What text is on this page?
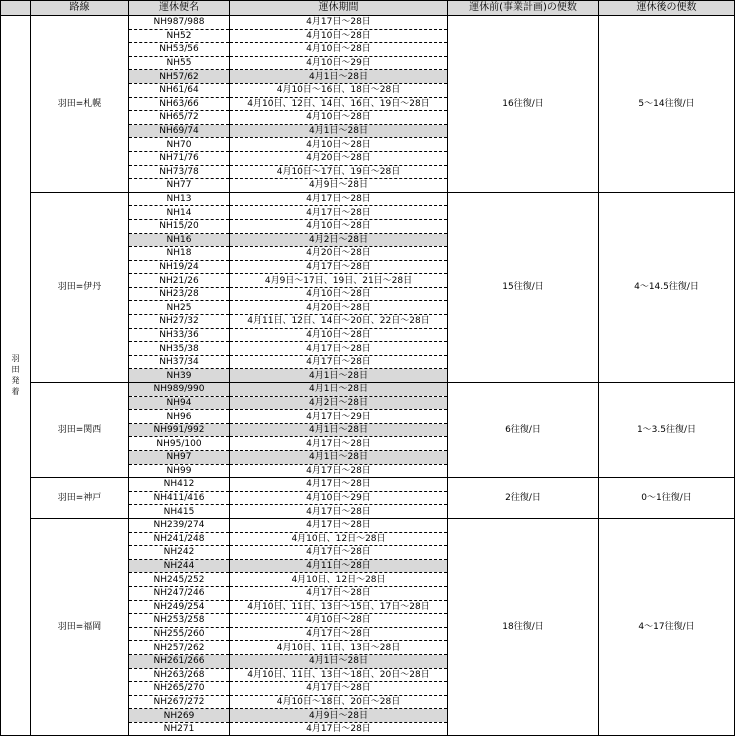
	路線	運休便名	運休期間	運休前(事業計画)の便数	運休後の便数
羽田発着	羽田=札幌	NH987/988	4月17日～28日	16往復/日	5～14往復/日
		NH52	4月10日～28日		
		NH53/56	4月10日～28日		
		NH55	4月10日～29日		
		NH57/62	4月1日～28日		
		NH61/64	4月10日～16日、18日～28日		
		NH63/66	4月10日、12日、14日、16日、19日～28日		
		NH65/72	4月10日～28日		
		NH69/74	4月1日～28日		
		NH70	4月10日～28日		
		NH71/76	4月20日～28日		
		NH73/78	4月10日～17日、19日～28日		
		NH77	4月9日～28日		
	羽田=伊丹	NH13	4月17日～28日	15往復/日	4～14.5往復/日
		NH14	4月17日～28日		
		NH15/20	4月10日～28日		
		NH16	4月2日～28日		
		NH18	4月20日～28日		
		NH19/24	4月17日～28日		
		NH21/26	4月9日～17日、19日、21日～28日		
		NH23/28	4月10日～28日		
		NH25	4月20日～28日		
		NH27/32	4月11日、12日、14日～20日、22日～28日		
		NH33/36	4月10日～28日		
		NH35/38	4月17日～28日		
		NH37/34	4月17日～28日		
		NH39	4月1日～28日		
	羽田=関西	NH989/990	4月1日～28日	6往復/日	1～3.5往復/日
		NH94	4月2日～28日		
		NH96	4月17日～29日		
		NH991/992	4月1日～28日		
		NH95/100	4月17日～28日		
		NH97	4月1日～28日		
		NH99	4月17日～28日		
	羽田=神戸	NH412	4月17日～28日	2往復/日	0～1往復/日
		NH411/416	4月10日～29日		
		NH415	4月17日～28日		
	羽田=福岡	NH239/274	4月17日～28日	18往復/日	4～17往復/日
		NH241/248	4月10日、12日～28日		
		NH242	4月17日～28日		
		NH244	4月11日～28日		
		NH245/252	4月10日、12日～28日		
		NH247/246	4月17日～28日		
		NH249/254	4月10日、11日、13日～15日、17日～28日		
		NH253/258	4月10日～28日		
		NH255/260	4月17日～28日		
		NH257/262	4月10日、11日、13日～28日		
		NH261/266	4月1日～28日		
		NH263/268	4月10日、11日、13日～18日、20日～28日		
		NH265/270	4月17日～28日		
		NH267/272	4月10日～18日、20日～28日		
		NH269	4月9日～28日		
		NH271	4月17日～28日		
